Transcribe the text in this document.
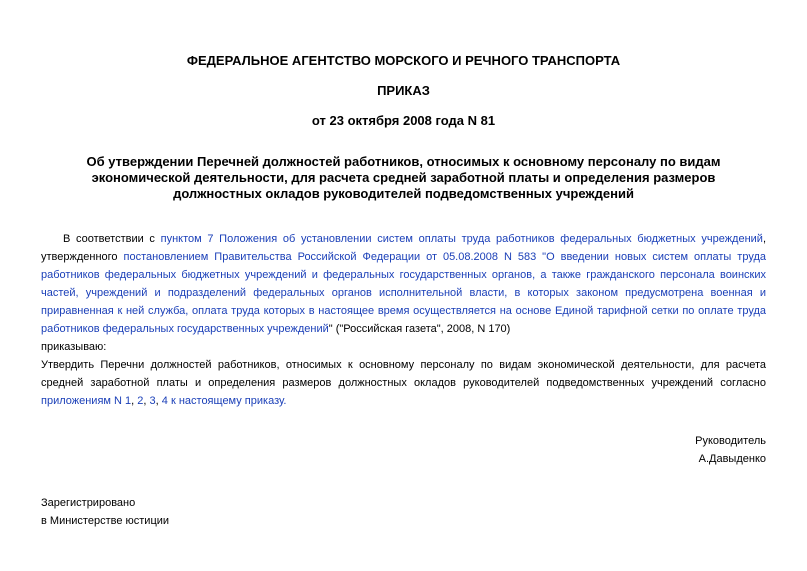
ФЕДЕРАЛЬНОЕ АГЕНТСТВО МОРСКОГО И РЕЧНОГО ТРАНСПОРТА

ПРИКАЗ

от 23 октября 2008 года N 81

Об утверждении Перечней должностей работников, относимых к основному персоналу по видам экономической деятельности, для расчета средней заработной платы и определения размеров должностных окладов руководителей подведомственных учреждений

В соответствии с пунктом 7 Положения об установлении систем оплаты труда работников федеральных бюджетных учреждений, утвержденного постановлением Правительства Российской Федерации от 05.08.2008 N 583 "О введении новых систем оплаты труда работников федеральных бюджетных учреждений и федеральных государственных органов, а также гражданского персонала воинских частей, учреждений и подразделений федеральных органов исполнительной власти, в которых законом предусмотрена военная и приравненная к ней служба, оплата труда которых в настоящее время осуществляется на основе Единой тарифной сетки по оплате труда работников федеральных государственных учреждений" ("Российская газета", 2008, N 170)

приказываю:

Утвердить Перечни должностей работников, относимых к основному персоналу по видам экономической деятельности, для расчета средней заработной платы и определения размеров должностных окладов руководителей подведомственных учреждений согласно приложениям N 1, 2, 3, 4 к настоящему приказу.

Руководитель

А.Давыденко

Зарегистрировано

в Министерстве юстиции
